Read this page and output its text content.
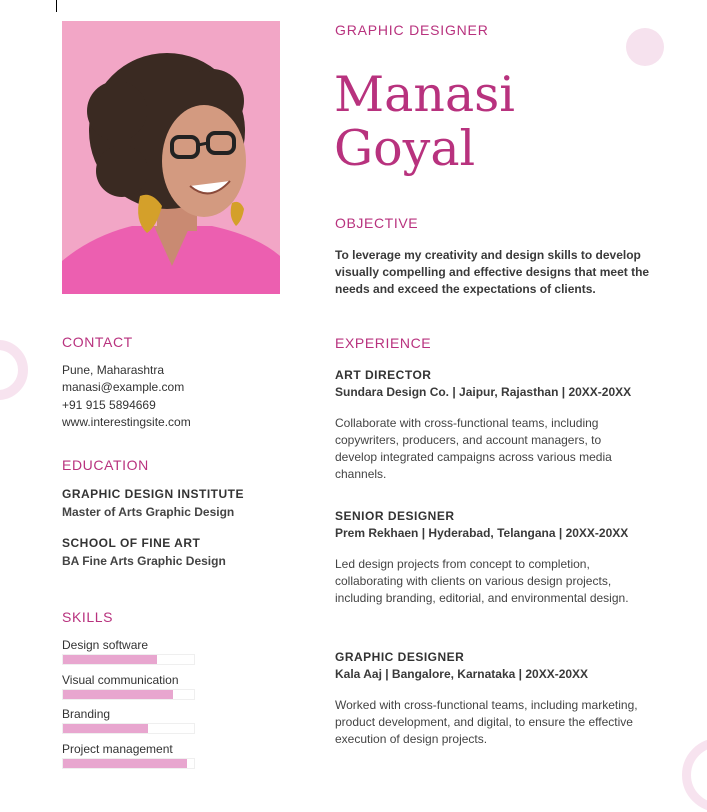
GRAPHIC DESIGNER
Manasi
Goyal
OBJECTIVE
To leverage my creativity and design skills to develop visually compelling and effective designs that meet the needs and exceed the expectations of clients.
CONTACT
Pune, Maharashtra
manasi@example.com
+91 915 5894669
www.interestingsite.com
EDUCATION
GRAPHIC DESIGN INSTITUTE
Master of Arts Graphic Design
SCHOOL OF FINE ART
BA Fine Arts Graphic Design
SKILLS
Design software
Visual communication
Branding
Project management
EXPERIENCE
ART DIRECTOR
Sundara Design Co. | Jaipur, Rajasthan | 20XX-20XX
Collaborate with cross-functional teams, including copywriters, producers, and account managers, to develop integrated campaigns across various media channels.
SENIOR DESIGNER
Prem Rekhaen | Hyderabad, Telangana | 20XX-20XX
Led design projects from concept to completion, collaborating with clients on various design projects, including branding, editorial, and environmental design.
GRAPHIC DESIGNER
Kala Aaj | Bangalore, Karnataka | 20XX-20XX
Worked with cross-functional teams, including marketing, product development, and digital, to ensure the effective execution of design projects.
